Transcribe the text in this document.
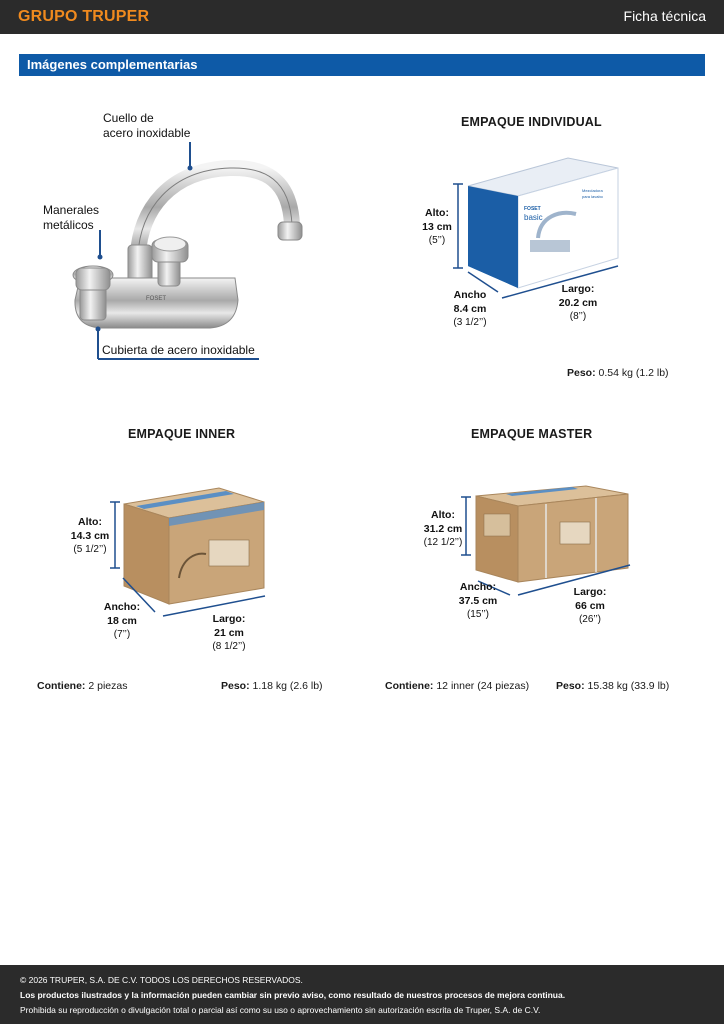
GRUPO TRUPER	Ficha técnica
Imágenes complementarias
FOSET
Cuello de
acero inoxidable
Manerales
metálicos
Cubierta de acero inoxidable
EMPAQUE INDIVIDUAL
FOSET
basic
Mezcladora
para lavabo
Alto:
13 cm
(5’’)
Ancho
8.4 cm
(3 1/2’’)
Largo:
20.2 cm
(8’’)
Peso: 0.54 kg (1.2 lb)
EMPAQUE INNER
Alto:
14.3 cm
(5 1/2’’)
Ancho:
18 cm
(7’’)
Largo:
21 cm
(8 1/2’’)
Contiene: 2 piezas	Peso: 1.18 kg (2.6 lb)
EMPAQUE MASTER
Alto:
31.2 cm
(12 1/2’’)
Ancho:
37.5 cm
(15’’)
Largo:
66 cm
(26’’)
Contiene: 12 inner (24 piezas)	Peso: 15.38 kg (33.9 lb)
© 2026 TRUPER, S.A. DE C.V. TODOS LOS DERECHOS RESERVADOS.
Los productos ilustrados y la información pueden cambiar sin previo aviso, como resultado de nuestros procesos de mejora continua.
Prohibida su reproducción o divulgación total o parcial así como su uso o aprovechamiento sin autorización escrita de Truper, S.A. de C.V.
